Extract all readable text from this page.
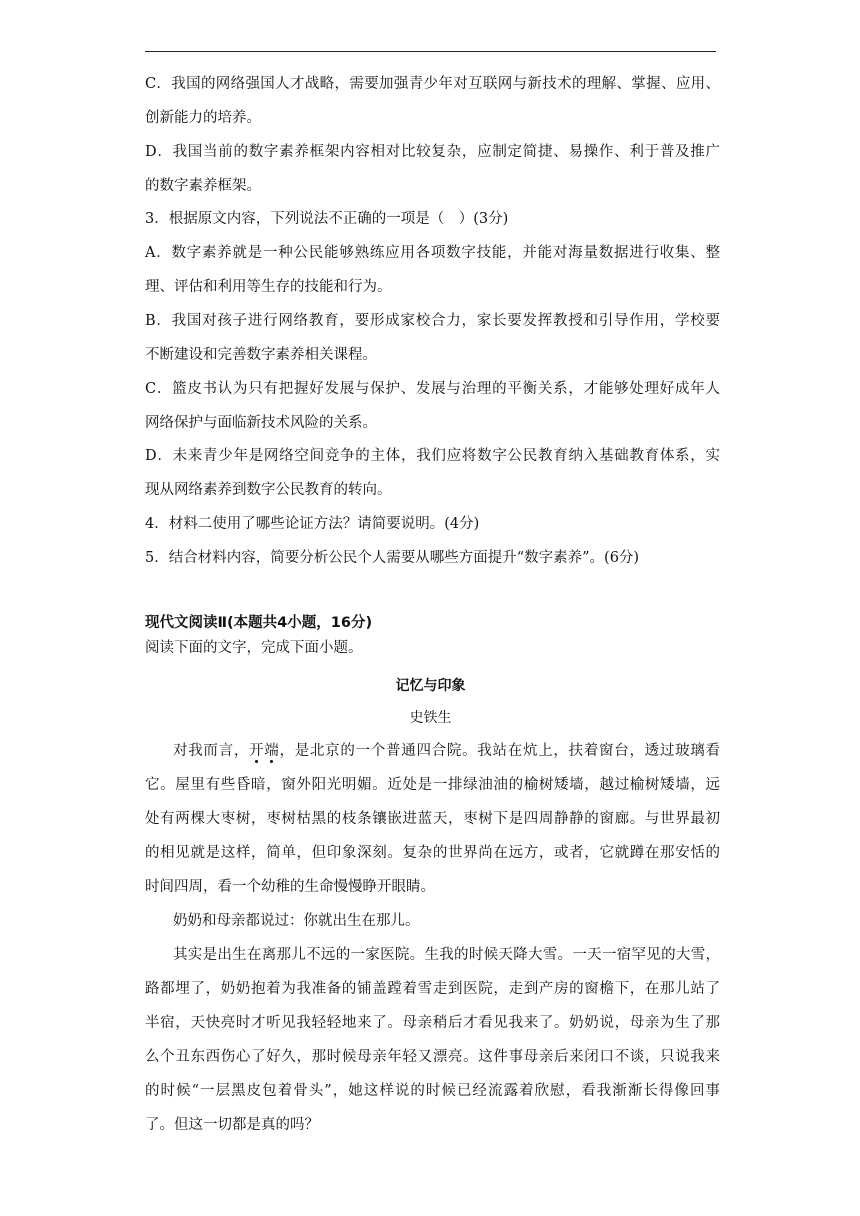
C．我国的网络强国人才战略，需要加强青少年对互联网与新技术的理解、掌握、应用、
创新能力的培养。
D．我国当前的数字素养框架内容相对比较复杂，应制定简捷、易操作、利于普及推广
的数字素养框架。
3．根据原文内容，下列说法不正确的一项是（　）(3分)
A．数字素养就是一种公民能够熟练应用各项数字技能，并能对海量数据进行收集、整
理、评估和利用等生存的技能和行为。
B．我国对孩子进行网络教育，要形成家校合力，家长要发挥教授和引导作用，学校要
不断建设和完善数字素养相关课程。
C．篮皮书认为只有把握好发展与保护、发展与治理的平衡关系，才能够处理好成年人
网络保护与面临新技术风险的关系。
D．未来青少年是网络空间竞争的主体，我们应将数字公民教育纳入基础教育体系，实
现从网络素养到数字公民教育的转向。
4．材料二使用了哪些论证方法？请简要说明。(4分)
5．结合材料内容，简要分析公民个人需要从哪些方面提升“数字素养”。(6分)
现代文阅读Ⅱ(本题共4小题，16分)
阅读下面的文字，完成下面小题。
记忆与印象
史铁生
对我而言，开端，是北京的一个普通四合院。我站在炕上，扶着窗台，透过玻璃看
它。屋里有些昏暗，窗外阳光明媚。近处是一排绿油油的榆树矮墙，越过榆树矮墙，远
处有两棵大枣树，枣树枯黑的枝条镶嵌进蓝天，枣树下是四周静静的窗廊。与世界最初
的相见就是这样，简单，但印象深刻。复杂的世界尚在远方，或者，它就蹲在那安恬的
时间四周，看一个幼稚的生命慢慢睁开眼睛。
奶奶和母亲都说过：你就出生在那儿。
其实是出生在离那儿不远的一家医院。生我的时候天降大雪。一天一宿罕见的大雪，
路都埋了，奶奶抱着为我准备的铺盖蹚着雪走到医院，走到产房的窗檐下，在那儿站了
半宿，天快亮时才听见我轻轻地来了。母亲稍后才看见我来了。奶奶说，母亲为生了那
么个丑东西伤心了好久，那时候母亲年轻又漂亮。这件事母亲后来闭口不谈，只说我来
的时候“一层黑皮包着骨头”，她这样说的时候已经流露着欣慰，看我渐渐长得像回事
了。但这一切都是真的吗？
